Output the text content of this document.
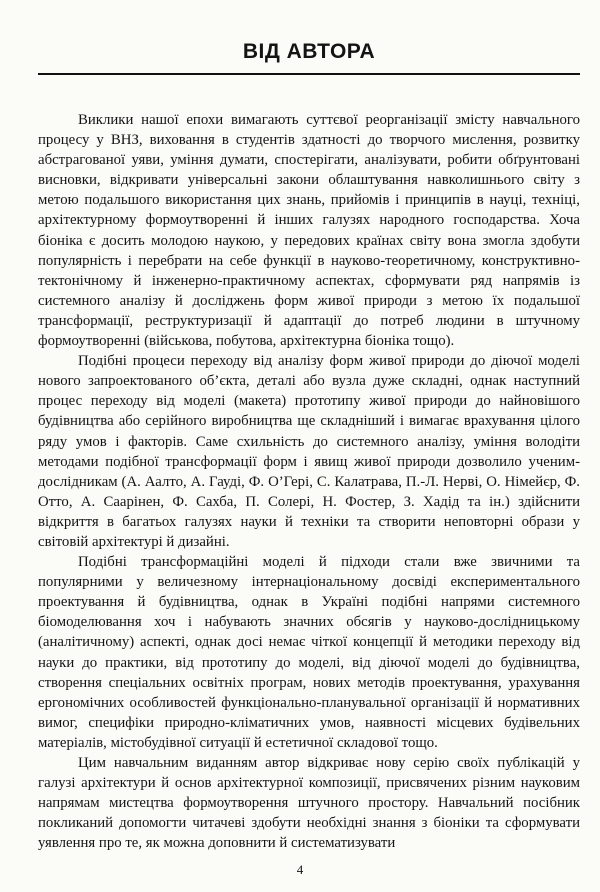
ВІД АВТОРА

Виклики нашої епохи вимагають суттєвої реорганізації змісту навчального процесу у ВНЗ, виховання в студентів здатності до творчого мислення, розвитку абстрагованої уяви, уміння думати, спостерігати, аналізувати, робити обґрунтовані висновки, відкривати універсальні закони облаштування навколишнього світу з метою подальшого використання цих знань, прийомів і принципів в науці, техніці, архітектурному формоутворенні й інших галузях народного господарства. Хоча біоніка є досить молодою наукою, у передових країнах світу вона змогла здобути популярність і перебрати на себе функції в науково-теоретичному, конструктивно-тектонічному й інженерно-практичному аспектах, сформувати ряд напрямів із системного аналізу й досліджень форм живої природи з метою їх подальшої трансформації, реструктуризації й адаптації до потреб людини в штучному формоутворенні (військова, побутова, архітектурна біоніка тощо).

Подібні процеси переходу від аналізу форм живої природи до діючої моделі нового запроектованого об’єкта, деталі або вузла дуже складні, однак наступний процес переходу від моделі (макета) прототипу живої природи до найновішого будівництва або серійного виробництва ще складніший і вимагає врахування цілого ряду умов і факторів. Саме схильність до системного аналізу, уміння володіти методами подібної трансформації форм і явищ живої природи дозволило ученим-дослідникам (А. Аалто, А. Гауді, Ф. О’Гері, С. Калатрава, П.-Л. Нерві, О. Німейєр, Ф. Отто, А. Саарінен, Ф. Сахба, П. Солері, Н. Фостер, З. Хадід та ін.) здійснити відкриття в багатьох галузях науки й техніки та створити неповторні образи у світовій архітектурі й дизайні.

Подібні трансформаційні моделі й підходи стали вже звичними та популярними у величезному інтернаціональному досвіді експериментального проектування й будівництва, однак в Україні подібні напрями системного біомоделювання хоч і набувають значних обсягів у науково-дослідницькому (аналітичному) аспекті, однак досі немає чіткої концепції й методики переходу від науки до практики, від прототипу до моделі, від діючої моделі до будівництва, створення спеціальних освітніх програм, нових методів проектування, урахування ергономічних особливостей функціонально-планувальної організації й нормативних вимог, специфіки природно-кліматичних умов, наявності місцевих будівельних матеріалів, містобудівної ситуації й естетичної складової тощо.

Цим навчальним виданням автор відкриває нову серію своїх публікацій у галузі архітектури й основ архітектурної композиції, присвячених різним науковим напрямам мистецтва формоутворення штучного простору. Навчальний посібник покликаний допомогти читачеві здобути необхідні знання з біоніки та сформувати уявлення про те, як можна доповнити й систематизувати

4
